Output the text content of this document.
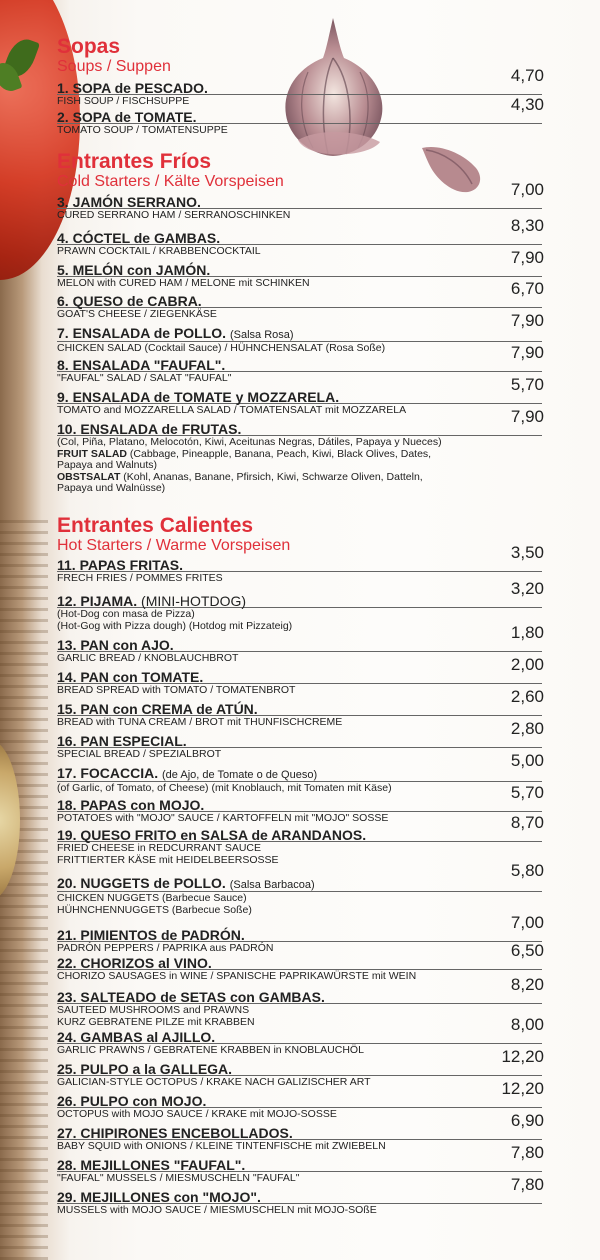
Sopas
Soups / Suppen
Entrantes Fríos
Cold Starters / Kälte Vorspeisen
Entrantes Calientes
Hot Starters / Warme Vorspeisen
1. SOPA de PESCADO.
FISH SOUP / FISCHSUPPE
4,70
2. SOPA de TOMATE.
TOMATO SOUP / TOMATENSUPPE
4,30
3. JAMÓN SERRANO.
CURED SERRANO HAM / SERRANOSCHINKEN
7,00
4. CÓCTEL de GAMBAS.
PRAWN COCKTAIL / KRABBENCOCKTAIL
8,30
5. MELÓN con JAMÓN.
MELON with CURED HAM / MELONE mit SCHINKEN
7,90
6. QUESO de CABRA.
GOAT'S CHEESE / ZIEGENKÄSE
6,70
7. ENSALADA de POLLO. (Salsa Rosa)
CHICKEN SALAD (Cocktail Sauce) / HÜHNCHENSALAT (Rosa Soße)
7,90
8. ENSALADA "FAUFAL".
"FAUFAL" SALAD / SALAT "FAUFAL"
7,90
9. ENSALADA de TOMATE y MOZZARELA.
TOMATO and MOZZARELLA SALAD / TOMATENSALAT mit MOZZARELA
5,70
10. ENSALADA de FRUTAS.
(Col, Piña, Platano, Melocotón, Kiwi, Aceitunas Negras, Dátiles, Papaya y Nueces)
FRUIT SALAD (Cabbage, Pineapple, Banana, Peach, Kiwi, Black Olives, Dates,
Papaya and Walnuts)
OBSTSALAT (Kohl, Ananas, Banane, Pfirsich, Kiwi, Schwarze Oliven, Datteln,
Papaya und Walnüsse)
7,90
11. PAPAS FRITAS.
FRECH FRIES / POMMES FRITES
3,50
12. PIJAMA. (MINI-HOTDOG)
(Hot-Dog con masa de Pizza)
(Hot-Gog with Pizza dough) (Hotdog mit Pizzateig)
3,20
13. PAN con AJO.
GARLIC BREAD / KNOBLAUCHBROT
1,80
14. PAN con TOMATE.
BREAD SPREAD with TOMATO / TOMATENBROT
2,00
15. PAN con CREMA de ATÚN.
BREAD with TUNA CREAM / BROT mit THUNFISCHCREME
2,60
16. PAN ESPECIAL.
SPECIAL BREAD / SPEZIALBROT
2,80
17. FOCACCIA. (de Ajo, de Tomate o de Queso)
(of Garlic, of Tomato, of Cheese) (mit Knoblauch, mit Tomaten mit Käse)
5,00
18. PAPAS con MOJO.
POTATOES with "MOJO" SAUCE / KARTOFFELN mit "MOJO" SOSSE
5,70
19. QUESO FRITO en SALSA de ARANDANOS.
FRIED CHEESE in REDCURRANT SAUCE
FRITTIERTER KÄSE mit HEIDELBEERSOSSE
8,70
20. NUGGETS de POLLO. (Salsa Barbacoa)
CHICKEN NUGGETS (Barbecue Sauce)
HÜHNCHENNUGGETS (Barbecue Soße)
5,80
21. PIMIENTOS de PADRÓN.
PADRÓN PEPPERS / PAPRIKA aus PADRÓN
7,00
22. CHORIZOS al VINO.
CHORIZO SAUSAGES in WINE / SPANISCHE PAPRIKAWÜRSTE mit WEIN
6,50
23. SALTEADO de SETAS con GAMBAS.
SAUTEED MUSHROOMS and PRAWNS
KURZ GEBRATENE PILZE mit KRABBEN
8,20
24. GAMBAS al AJILLO.
GARLIC PRAWNS / GEBRATENE KRABBEN in KNOBLAUCHÖL
8,00
25. PULPO a la GALLEGA.
GALICIAN-STYLE OCTOPUS / KRAKE NACH GALIZISCHER ART
12,20
26. PULPO con MOJO.
OCTOPUS with MOJO SAUCE / KRAKE mit MOJO-SOSSE
12,20
27. CHIPIRONES ENCEBOLLADOS.
BABY SQUID with ONIONS / KLEINE TINTENFISCHE mit ZWIEBELN
6,90
28. MEJILLONES "FAUFAL".
"FAUFAL" MUSSELS / MIESMUSCHELN "FAUFAL"
7,80
29. MEJILLONES con "MOJO".
MUSSELS with MOJO SAUCE / MIESMUSCHELN mit MOJO-SOßE
7,80
